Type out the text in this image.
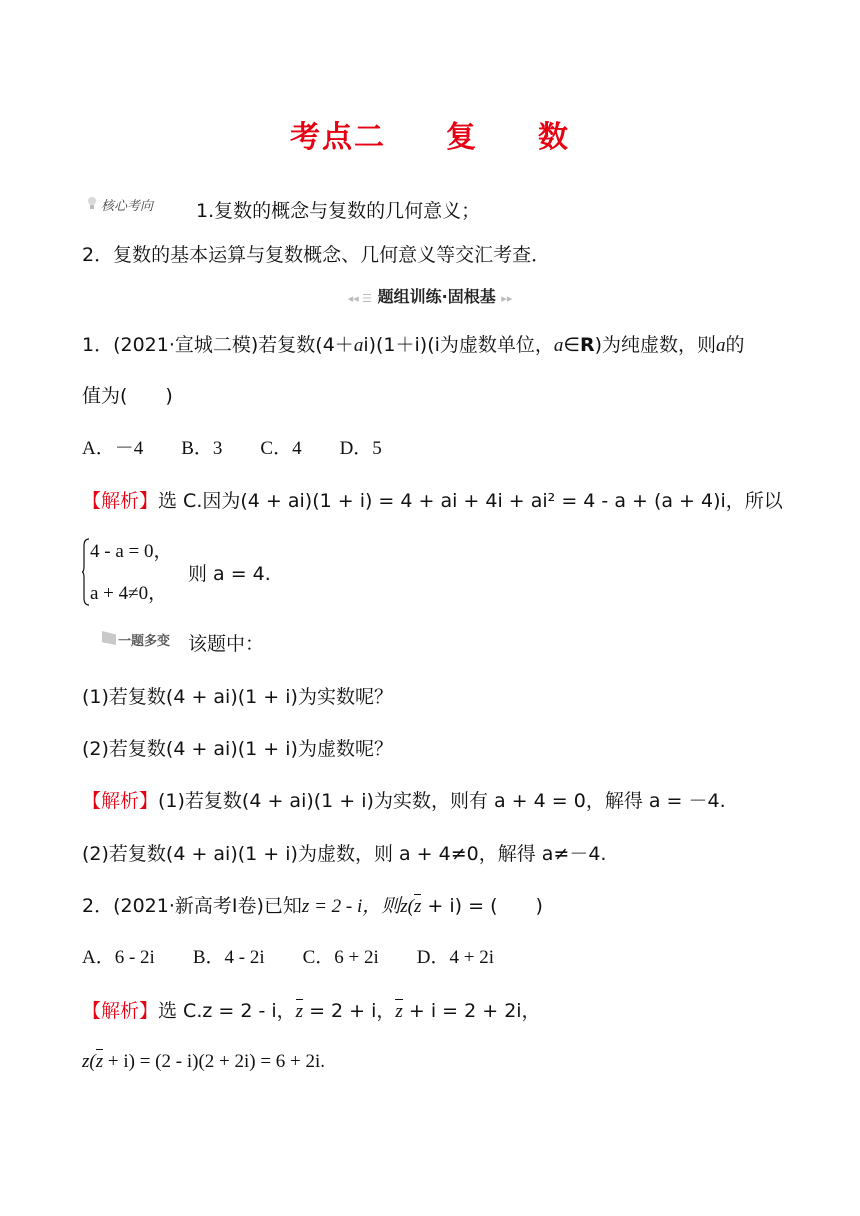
考点二 复 数
核心考向 1.复数的概念与复数的几何意义；
2．复数的基本运算与复数概念、几何意义等交汇考查．
◂◂ ☰ 题组训练·固根基 ▸▸
1．(2021·宣城二模)若复数(4＋ai)(1＋i)(i为虚数单位，a∈R)为纯虚数，则a的
值为(　　)
A．－4　　B．3　　C．4　　D．5
【解析】选 C.因为(4 + ai)(1 + i) = 4 + ai + 4i + ai² = 4 - a + (a + 4)i，所以
4 - a = 0，
a + 4≠0，
则 a = 4.
一题多变 该题中：
(1)若复数(4 + ai)(1 + i)为实数呢？
(2)若复数(4 + ai)(1 + i)为虚数呢？
【解析】(1)若复数(4 + ai)(1 + i)为实数，则有 a + 4 = 0，解得 a = －4.
(2)若复数(4 + ai)(1 + i)为虚数，则 a + 4≠0，解得 a≠－4.
2．(2021·新高考Ⅰ卷)已知z = 2 - i，则z(z + i) = (　　)
A．6 - 2i　　B．4 - 2i　　C．6 + 2i　　D．4 + 2i
【解析】选 C.z = 2 - i，z = 2 + i，z + i = 2 + 2i，
z(z + i) = (2 - i)(2 + 2i) = 6 + 2i.
